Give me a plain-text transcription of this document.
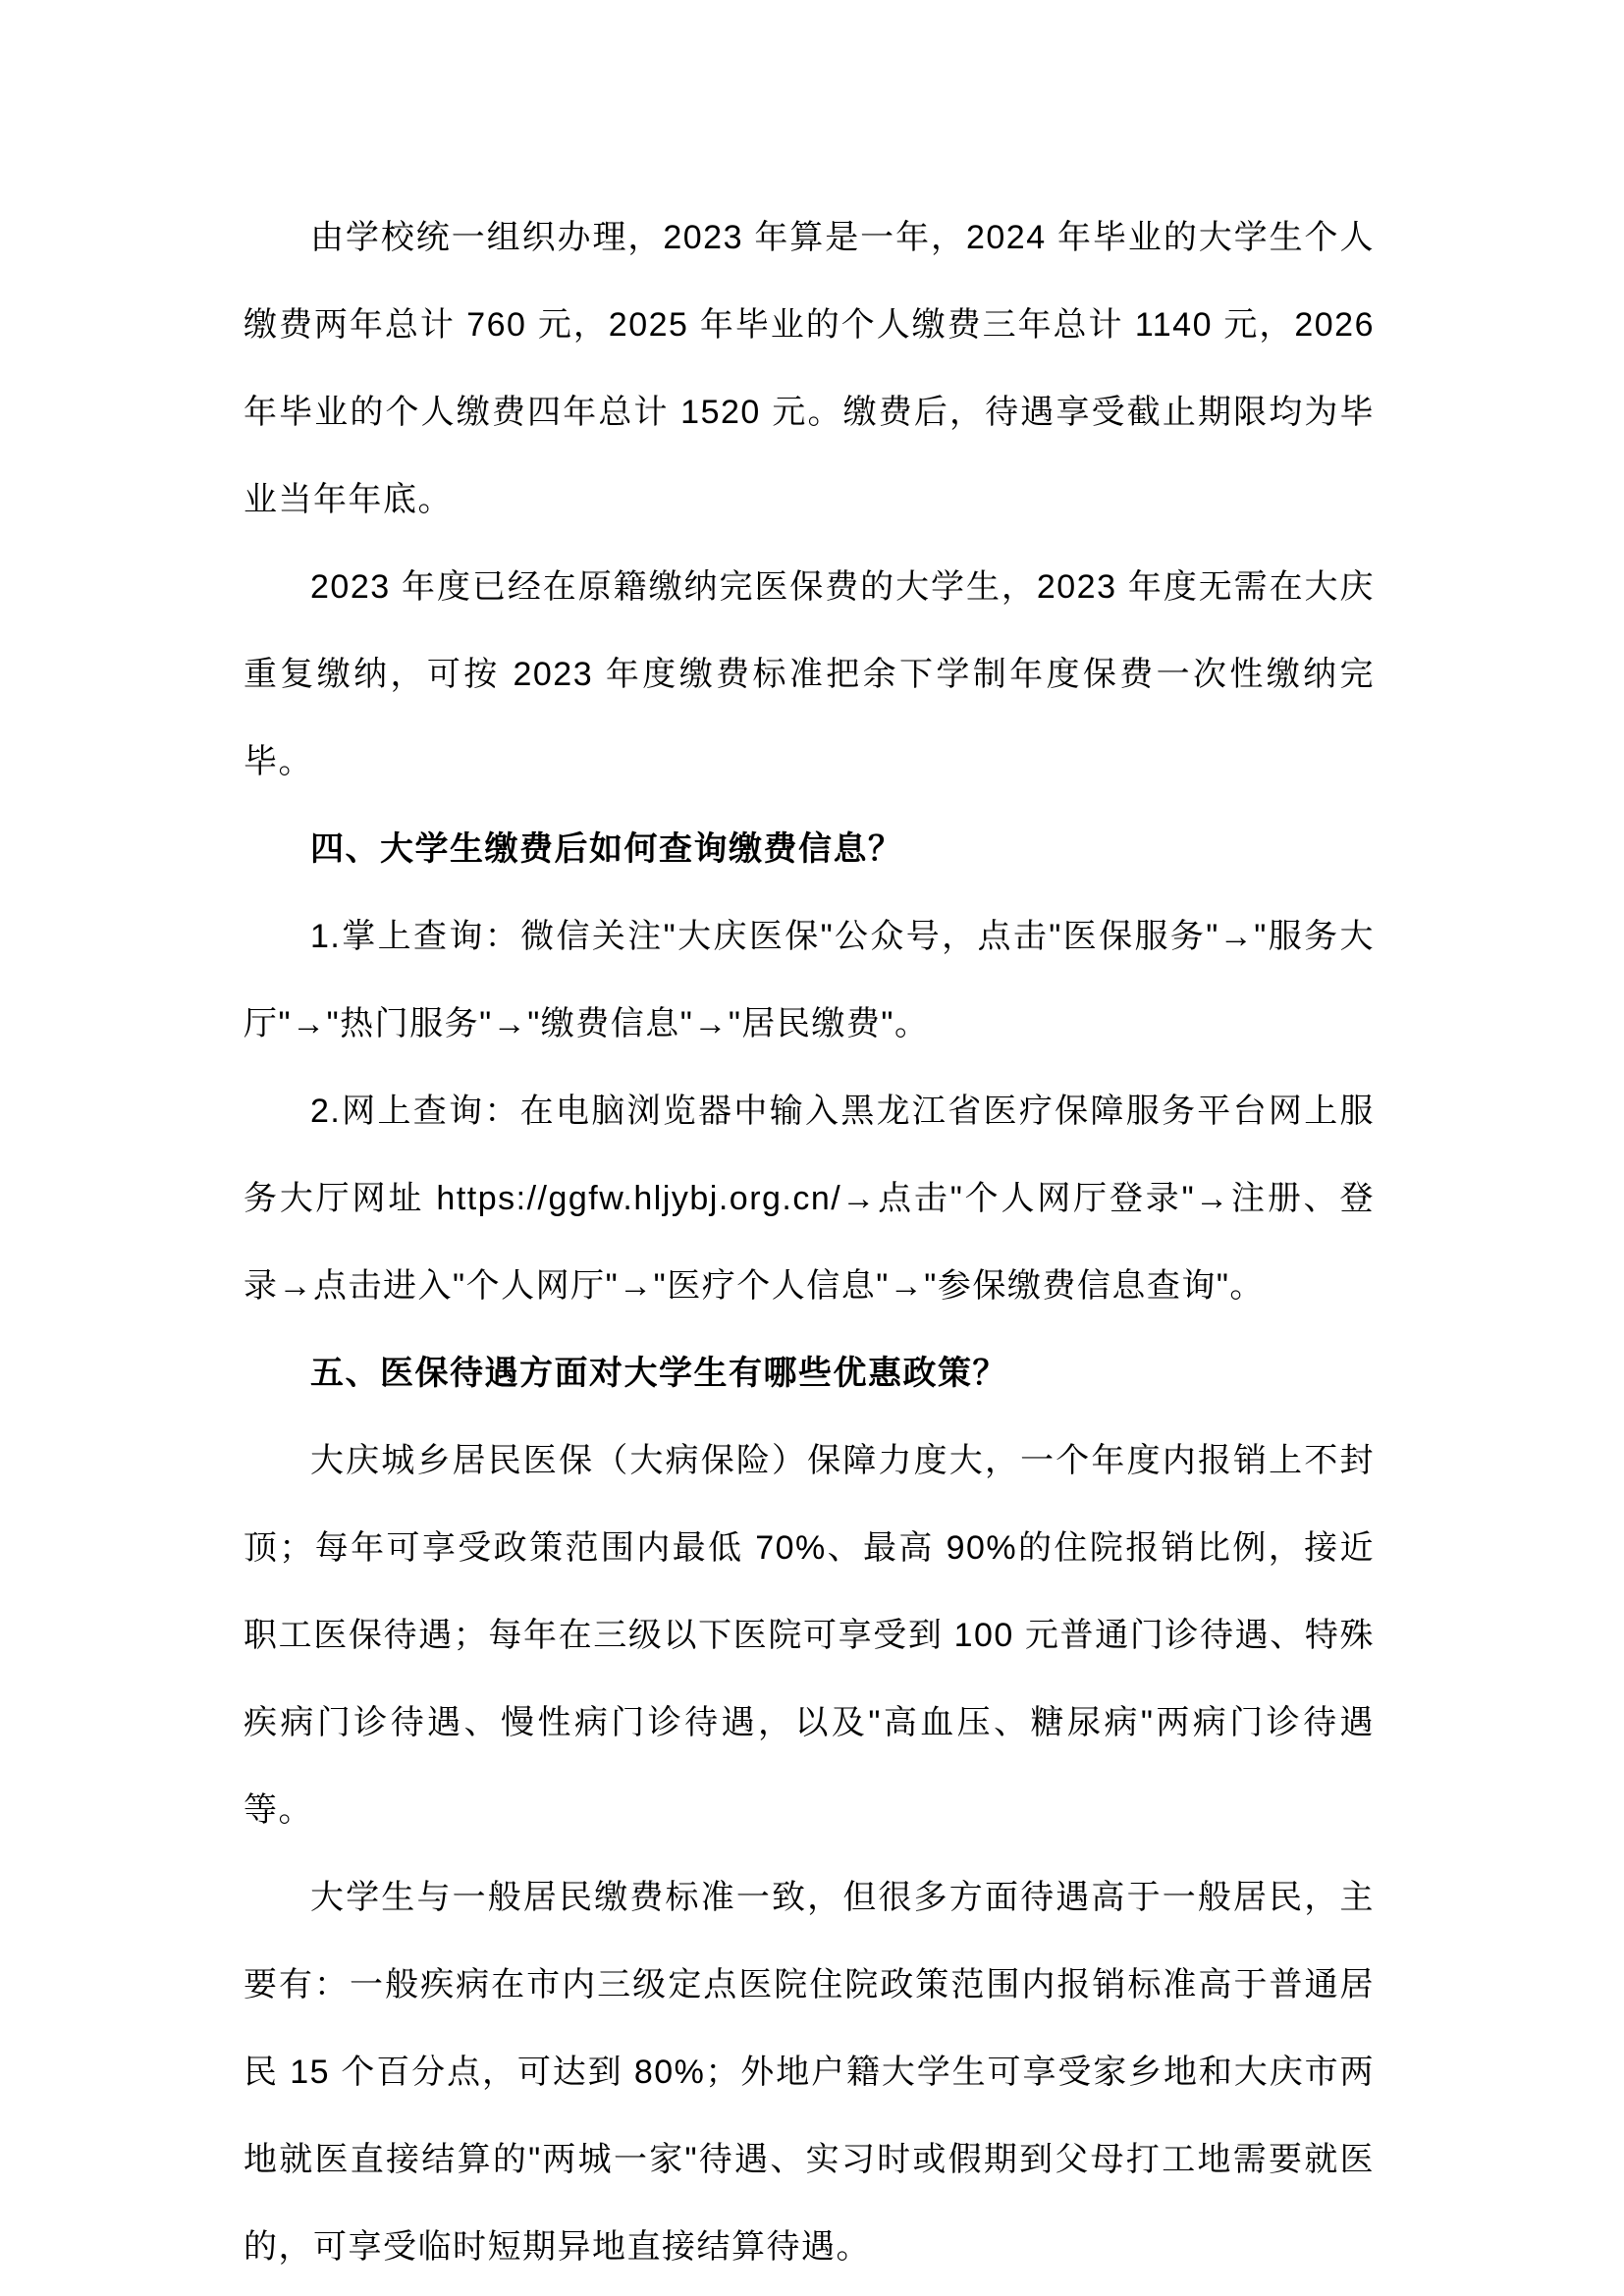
由学校统一组织办理，2023 年算是一年，2024 年毕业的大学生个人缴费两年总计 760 元，2025 年毕业的个人缴费三年总计 1140 元，2026 年毕业的个人缴费四年总计 1520 元。缴费后，待遇享受截止期限均为毕业当年年底。

2023 年度已经在原籍缴纳完医保费的大学生，2023 年度无需在大庆重复缴纳，可按 2023 年度缴费标准把余下学制年度保费一次性缴纳完毕。

四、大学生缴费后如何查询缴费信息？

1.掌上查询：微信关注"大庆医保"公众号，点击"医保服务"→"服务大厅"→"热门服务"→"缴费信息"→"居民缴费"。

2.网上查询：在电脑浏览器中输入黑龙江省医疗保障服务平台网上服务大厅网址 https://ggfw.hljybj.org.cn/→点击"个人网厅登录"→注册、登录→点击进入"个人网厅"→"医疗个人信息"→"参保缴费信息查询"。

五、医保待遇方面对大学生有哪些优惠政策？

大庆城乡居民医保（大病保险）保障力度大，一个年度内报销上不封顶；每年可享受政策范围内最低 70%、最高 90%的住院报销比例，接近职工医保待遇；每年在三级以下医院可享受到 100 元普通门诊待遇、特殊疾病门诊待遇、慢性病门诊待遇，以及"高血压、糖尿病"两病门诊待遇等。

大学生与一般居民缴费标准一致，但很多方面待遇高于一般居民，主要有：一般疾病在市内三级定点医院住院政策范围内报销标准高于普通居民 15 个百分点，可达到 80%；外地户籍大学生可享受家乡地和大庆市两地就医直接结算的"两城一家"待遇、实习时或假期到父母打工地需要就医的，可享受临时短期异地直接结算待遇。
